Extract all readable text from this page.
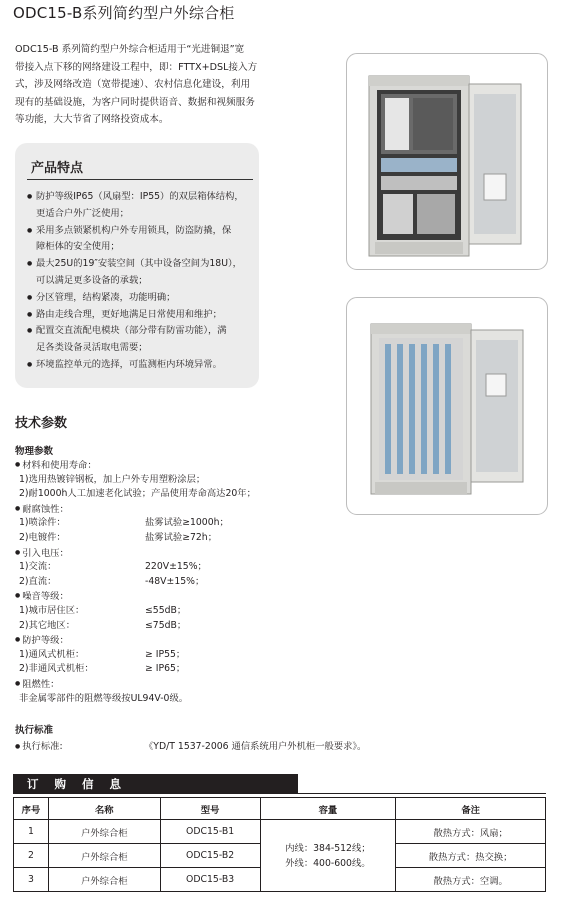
ODC15-B系列简约型户外综合柜

ODC15-B 系列简约型户外综合柜适用于“光进铜退”宽

带接入点下移的网络建设工程中，即：FTTX+DSL接入方

式，涉及网络改造（宽带提速）、农村信息化建设，利用

现有的基础设施，为客户同时提供语音、数据和视频服务

等功能，大大节省了网络投资成本。

产品特点
● 防护等级IP65（风扇型：IP55）的双层箱体结构，
更适合户外广泛使用；
● 采用多点锁紧机构户外专用锁具，防盗防撬，保
障柜体的安全使用；
● 最大25U的19″安装空间（其中设备空间为18U），
可以满足更多设备的承载；
● 分区管理，结构紧凑，功能明确；
● 路由走线合理，更好地满足日常使用和维护；
● 配置交直流配电模块（部分带有防雷功能），满
足各类设备灵活取电需要；
● 环境监控单元的选择，可监测柜内环境异常。
技术参数
物理参数
● 材料和使用寿命：
1)选用热镀锌钢板，加上户外专用塑粉涂层；
2)耐1000h人工加速老化试验；产品使用寿命高达20年；
● 耐腐蚀性：
1)喷涂件：	盐雾试验≥1000h；
2)电镀件：	盐雾试验≥72h；
● 引入电压：
1)交流：	220V±15%；
2)直流：	-48V±15%；
● 噪音等级：
1)城市居住区：	≤55dB；
2)其它地区：	≤75dB；
● 防护等级：
1)通风式机柜：	≥ IP55；
2)非通风式机柜：	≥ IP65；
● 阻燃性：
非金属零部件的阻燃等级按UL94V-0级。
执行标准
● 执行标准:	《YD/T 1537-2006 通信系统用户外机柜一般要求》。
订购信息
序号	名称	型号	容量	备注
1	户外综合柜	ODC15-B1	内线：384-512线；
外线：400-600线。	散热方式：风扇；
2	户外综合柜	ODC15-B2		散热方式：热交换；
3	户外综合柜	ODC15-B3		散热方式：空调。
